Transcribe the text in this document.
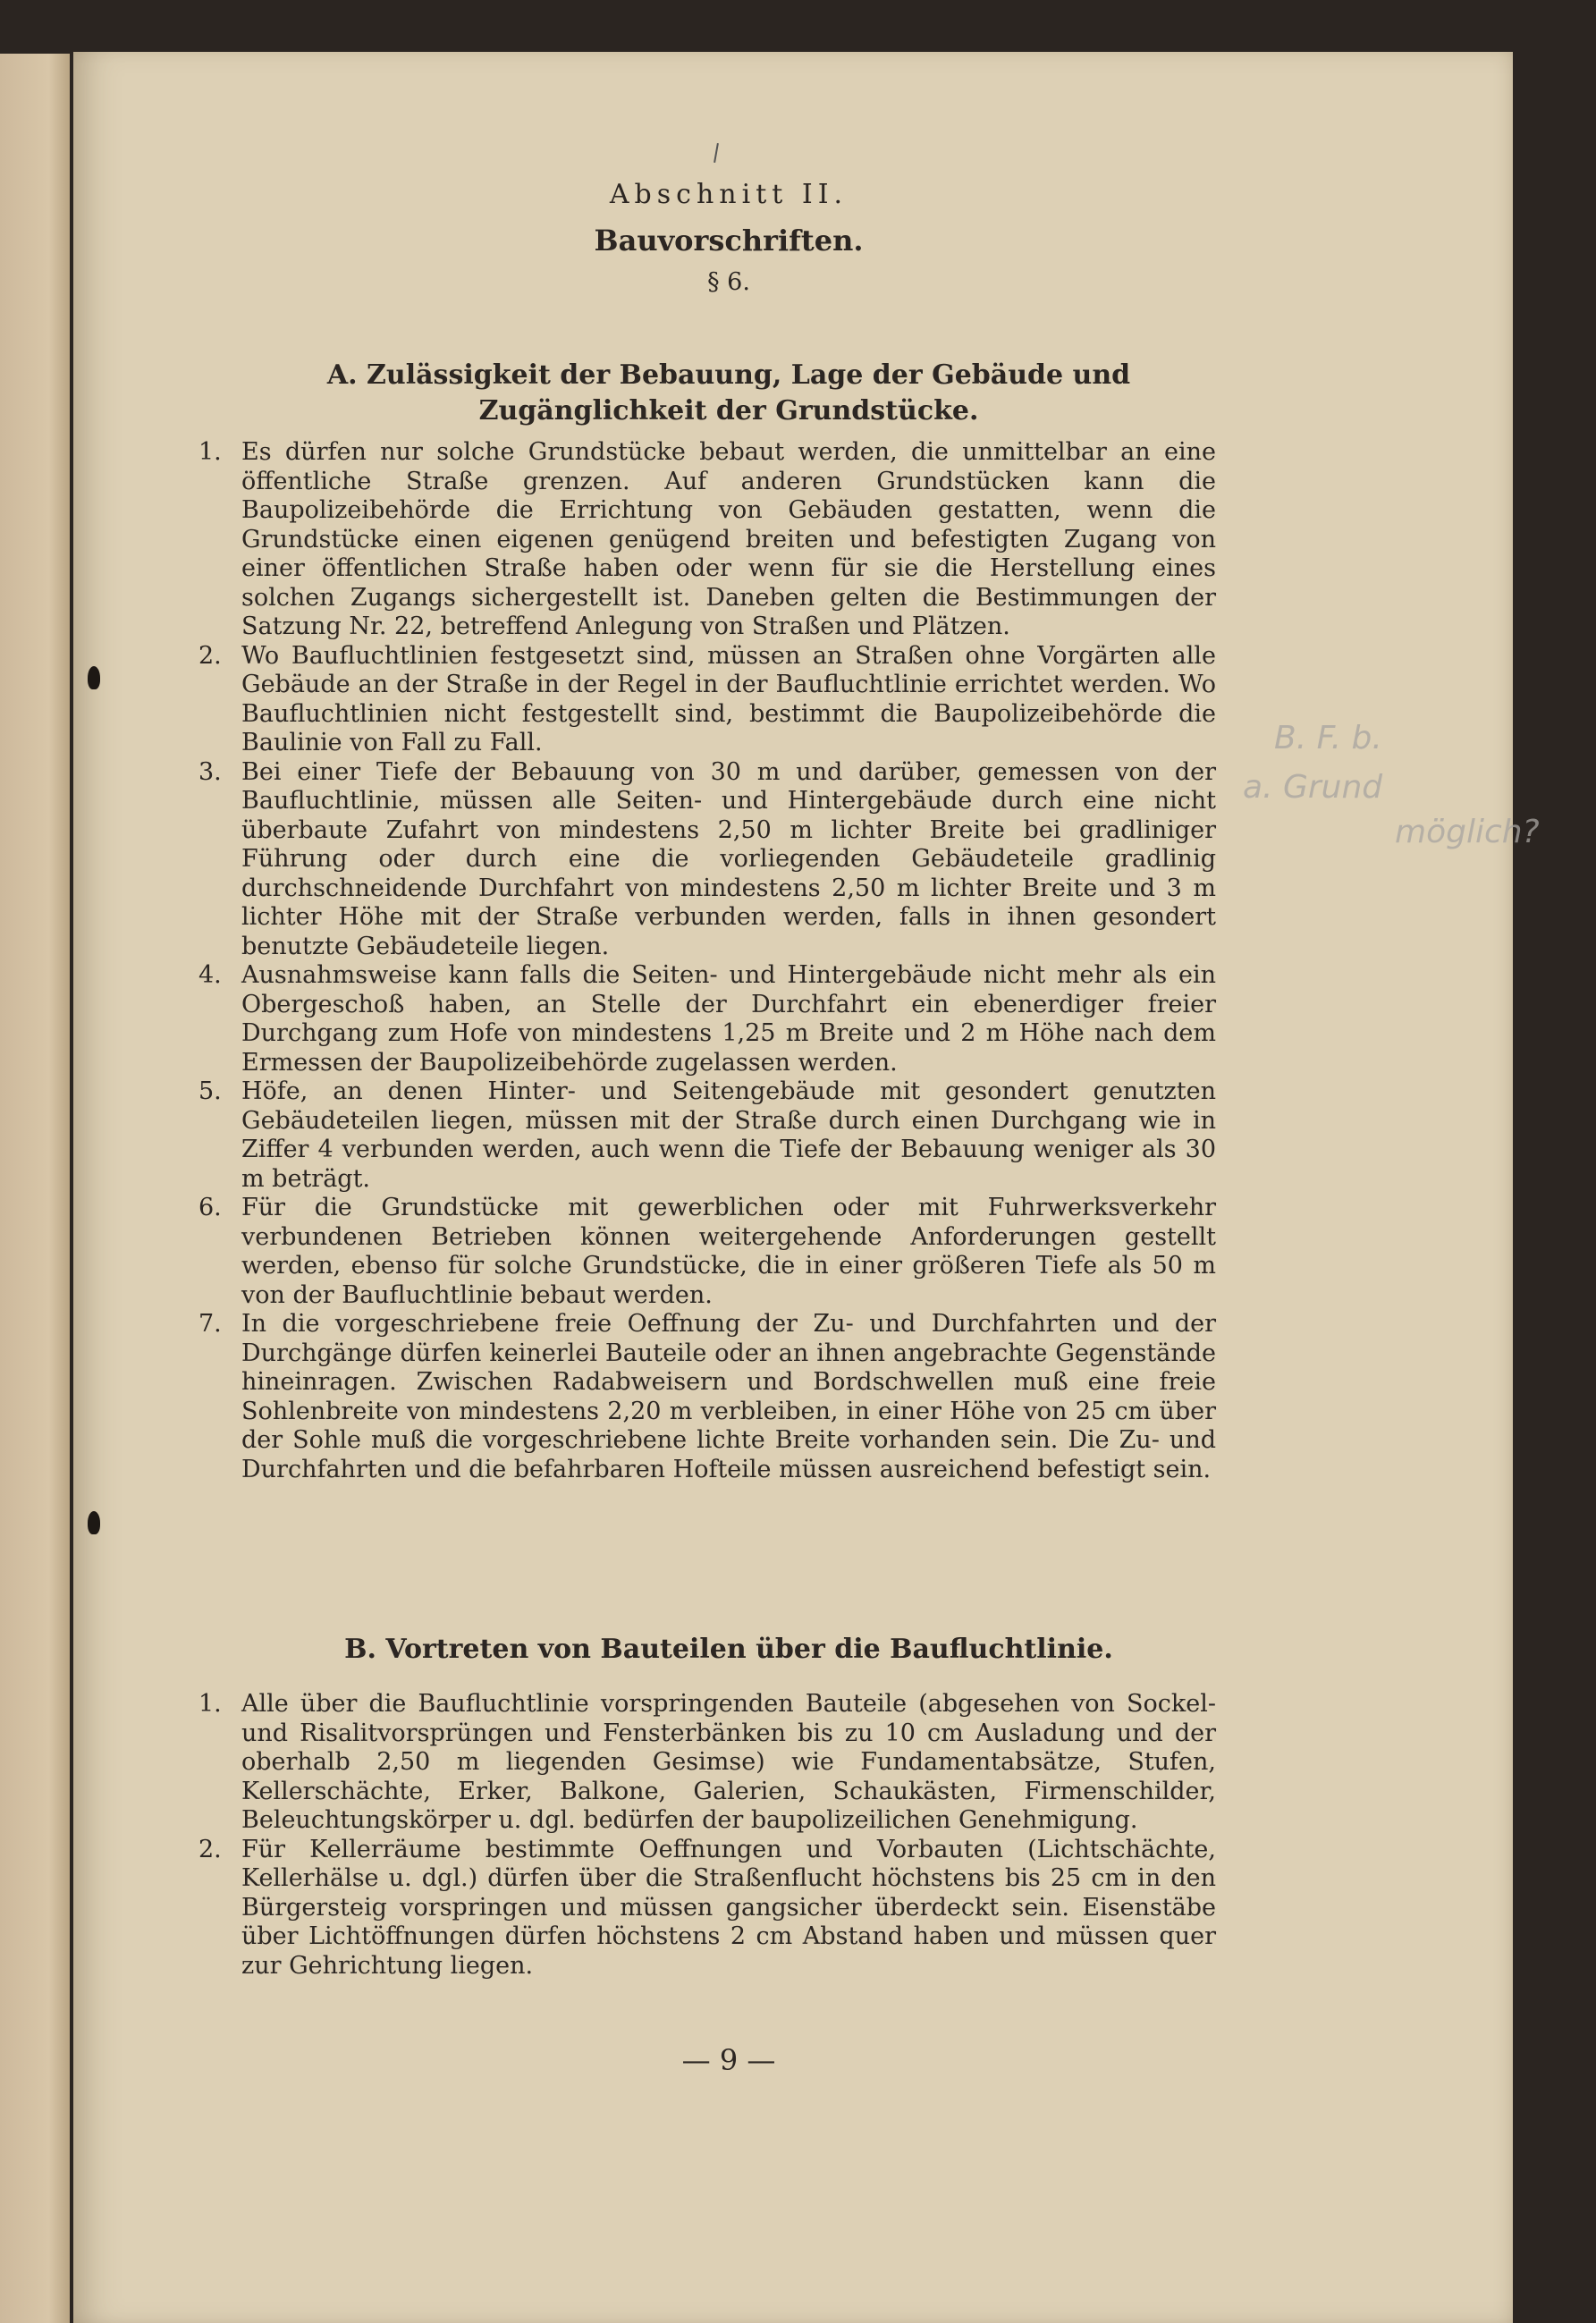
Abschnitt II.
Bauvorschriften.
§ 6.
A. Zulässigkeit der Bebauung, Lage der Gebäude und Zugänglichkeit der Grundstücke.
1. Es dürfen nur solche Grundstücke bebaut werden, die unmittelbar an eine öffentliche Straße grenzen. Auf anderen Grundstücken kann die Baupolizeibehörde die Errichtung von Gebäuden gestatten, wenn die Grundstücke einen eigenen genügend breiten und befestigten Zugang von einer öffentlichen Straße haben oder wenn für sie die Herstellung eines solchen Zugangs sichergestellt ist. Daneben gelten die Bestimmungen der Satzung Nr. 22, betreffend Anlegung von Straßen und Plätzen.
2. Wo Baufluchtlinien festgesetzt sind, müssen an Straßen ohne Vorgärten alle Gebäude an der Straße in der Regel in der Baufluchtlinie errichtet werden. Wo Baufluchtlinien nicht festgestellt sind, bestimmt die Baupolizeibehörde die Baulinie von Fall zu Fall.
3. Bei einer Tiefe der Bebauung von 30 m und darüber, gemessen von der Baufluchtlinie, müssen alle Seiten- und Hintergebäude durch eine nicht überbaute Zufahrt von mindestens 2,50 m lichter Breite bei gradliniger Führung oder durch eine die vorliegenden Gebäudeteile gradlinig durchschneidende Durchfahrt von mindestens 2,50 m lichter Breite und 3 m lichter Höhe mit der Straße verbunden werden, falls in ihnen gesondert benutzte Gebäudeteile liegen.
4. Ausnahmsweise kann falls die Seiten- und Hintergebäude nicht mehr als ein Obergeschoß haben, an Stelle der Durchfahrt ein ebenerdiger freier Durchgang zum Hofe von mindestens 1,25 m Breite und 2 m Höhe nach dem Ermessen der Baupolizeibehörde zugelassen werden.
5. Höfe, an denen Hinter- und Seitengebäude mit gesondert genutzten Gebäudeteilen liegen, müssen mit der Straße durch einen Durchgang wie in Ziffer 4 verbunden werden, auch wenn die Tiefe der Bebauung weniger als 30 m beträgt.
6. Für die Grundstücke mit gewerblichen oder mit Fuhrwerksverkehr verbundenen Betrieben können weitergehende Anforderungen gestellt werden, ebenso für solche Grundstücke, die in einer größeren Tiefe als 50 m von der Baufluchtlinie bebaut werden.
7. In die vorgeschriebene freie Oeffnung der Zu- und Durchfahrten und der Durchgänge dürfen keinerlei Bauteile oder an ihnen angebrachte Gegenstände hineinragen. Zwischen Radabweisern und Bordschwellen muß eine freie Sohlenbreite von mindestens 2,20 m verbleiben, in einer Höhe von 25 cm über der Sohle muß die vorgeschriebene lichte Breite vorhanden sein. Die Zu- und Durchfahrten und die befahrbaren Hofteile müssen ausreichend befestigt sein.
B. F. b.
a. Grund
möglich?
B. Vortreten von Bauteilen über die Baufluchtlinie.
1. Alle über die Baufluchtlinie vorspringenden Bauteile (abgesehen von Sockel- und Risalitvorsprüngen und Fensterbänken bis zu 10 cm Ausladung und der oberhalb 2,50 m liegenden Gesimse) wie Fundamentabsätze, Stufen, Kellerschächte, Erker, Balkone, Galerien, Schaukästen, Firmenschilder, Beleuchtungskörper u. dgl. bedürfen der baupolizeilichen Genehmigung.
2. Für Kellerräume bestimmte Oeffnungen und Vorbauten (Lichtschächte, Kellerhälse u. dgl.) dürfen über die Straßenflucht höchstens bis 25 cm in den Bürgersteig vorspringen und müssen gangsicher überdeckt sein. Eisenstäbe über Lichtöffnungen dürfen höchstens 2 cm Abstand haben und müssen quer zur Gehrichtung liegen.
— 9 —
